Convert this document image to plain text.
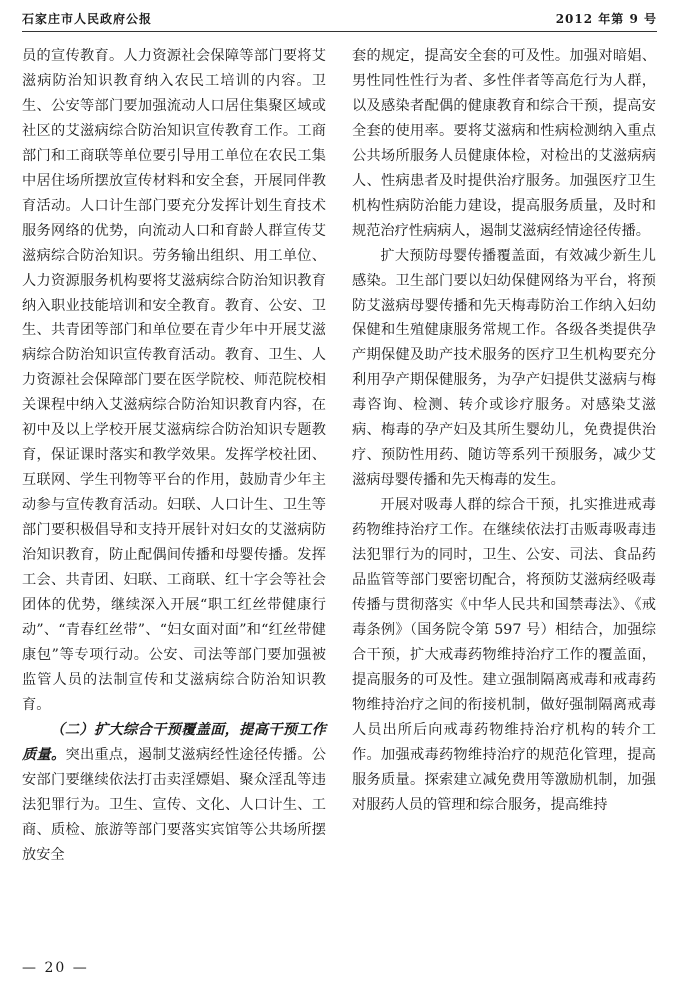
石家庄市人民政府公报	2012 年第 9 号

员的宣传教育。人力资源社会保障等部门要将艾滋病防治知识教育纳入农民工培训的内容。卫生、公安等部门要加强流动人口居住集聚区域或社区的艾滋病综合防治知识宣传教育工作。工商部门和工商联等单位要引导用工单位在农民工集中居住场所摆放宣传材料和安全套，开展同伴教育活动。人口计生部门要充分发挥计划生育技术服务网络的优势，向流动人口和育龄人群宣传艾滋病综合防治知识。劳务输出组织、用工单位、人力资源服务机构要将艾滋病综合防治知识教育纳入职业技能培训和安全教育。教育、公安、卫生、共青团等部门和单位要在青少年中开展艾滋病综合防治知识宣传教育活动。教育、卫生、人力资源社会保障部门要在医学院校、师范院校相关课程中纳入艾滋病综合防治知识教育内容，在初中及以上学校开展艾滋病综合防治知识专题教育，保证课时落实和教学效果。发挥学校社团、互联网、学生刊物等平台的作用，鼓励青少年主动参与宣传教育活动。妇联、人口计生、卫生等部门要积极倡导和支持开展针对妇女的艾滋病防治知识教育，防止配偶间传播和母婴传播。发挥工会、共青团、妇联、工商联、红十字会等社会团体的优势，继续深入开展“职工红丝带健康行动”、“青春红丝带”、“妇女面对面”和“红丝带健康包”等专项行动。公安、司法等部门要加强被监管人员的法制宣传和艾滋病综合防治知识教育。

（二）扩大综合干预覆盖面，提高干预工作质量。突出重点，遏制艾滋病经性途径传播。公安部门要继续依法打击卖淫嫖娼、聚众淫乱等违法犯罪行为。卫生、宣传、文化、人口计生、工商、质检、旅游等部门要落实宾馆等公共场所摆放安全

套的规定，提高安全套的可及性。加强对暗娼、男性同性性行为者、多性伴者等高危行为人群，以及感染者配偶的健康教育和综合干预，提高安全套的使用率。要将艾滋病和性病检测纳入重点公共场所服务人员健康体检，对检出的艾滋病病人、性病患者及时提供治疗服务。加强医疗卫生机构性病防治能力建设，提高服务质量，及时和规范治疗性病病人，遏制艾滋病经情途径传播。

扩大预防母婴传播覆盖面，有效减少新生儿感染。卫生部门要以妇幼保健网络为平台，将预防艾滋病母婴传播和先天梅毒防治工作纳入妇幼保健和生殖健康服务常规工作。各级各类提供孕产期保健及助产技术服务的医疗卫生机构要充分利用孕产期保健服务，为孕产妇提供艾滋病与梅毒咨询、检测、转介或诊疗服务。对感染艾滋病、梅毒的孕产妇及其所生婴幼儿，免费提供治疗、预防性用药、随访等系列干预服务，减少艾滋病母婴传播和先天梅毒的发生。

开展对吸毒人群的综合干预，扎实推进戒毒药物维持治疗工作。在继续依法打击贩毒吸毒违法犯罪行为的同时，卫生、公安、司法、食品药品监管等部门要密切配合，将预防艾滋病经吸毒传播与贯彻落实《中华人民共和国禁毒法》、《戒毒条例》（国务院令第 597 号）相结合，加强综合干预，扩大戒毒药物维持治疗工作的覆盖面，提高服务的可及性。建立强制隔离戒毒和戒毒药物维持治疗之间的衔接机制，做好强制隔离戒毒人员出所后向戒毒药物维持治疗机构的转介工作。加强戒毒药物维持治疗的规范化管理，提高服务质量。探索建立减免费用等激励机制，加强对服药人员的管理和综合服务，提高维持

— 20 —
